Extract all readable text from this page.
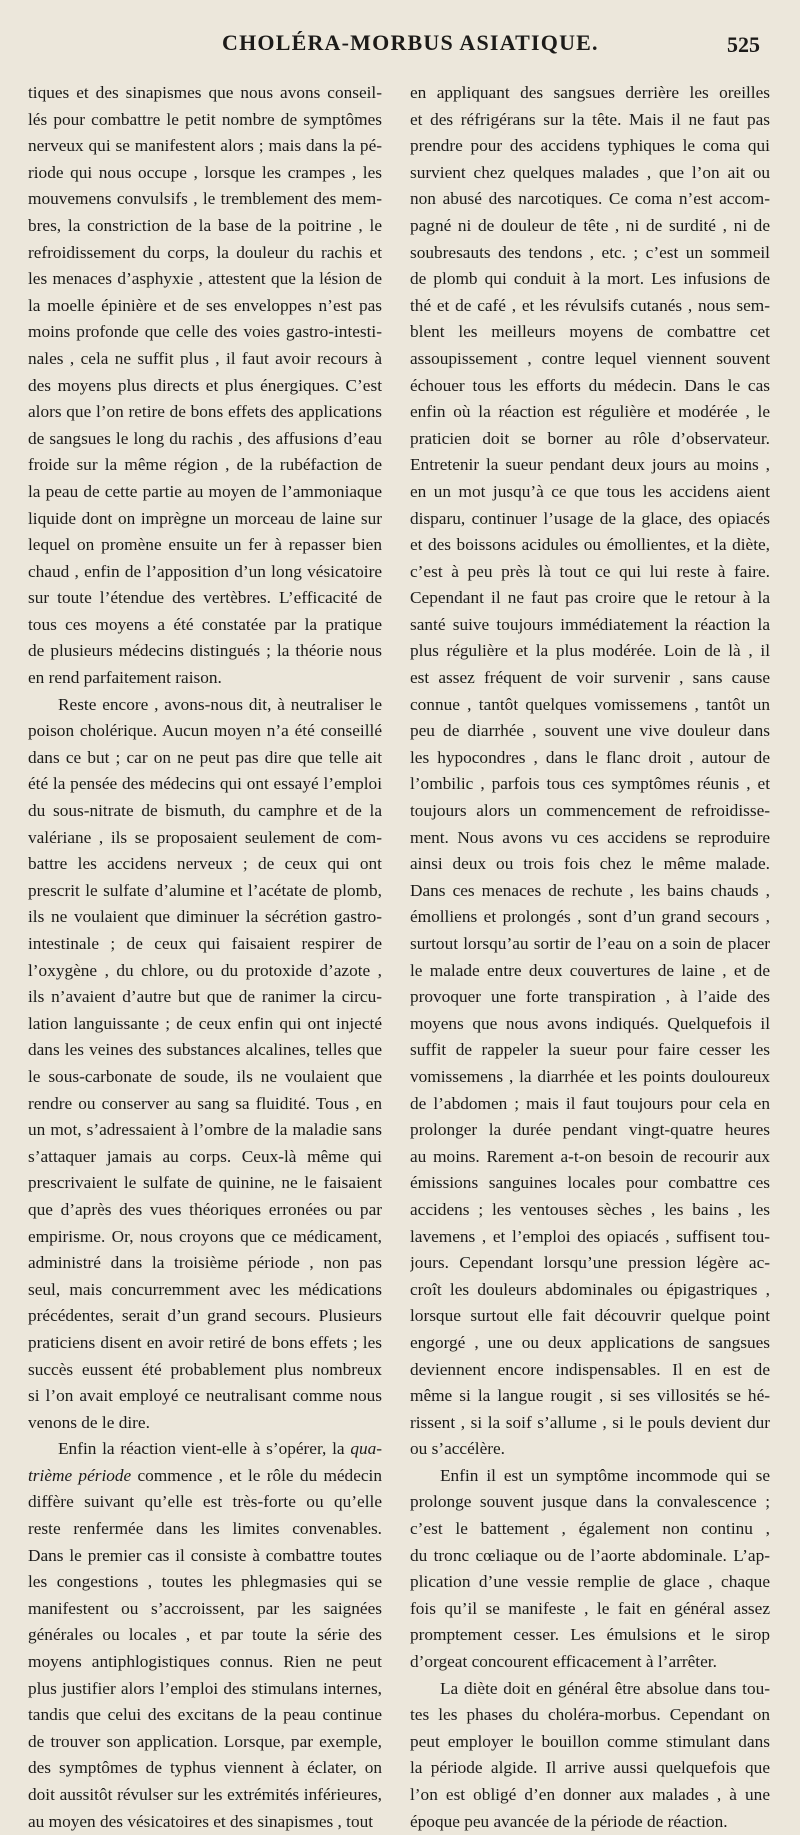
CHOLÉRA-MORBUS ASIATIQUE.	525
tiques et des sinapismes que nous avons conseil-
lés pour combattre le petit nombre de symptômes
nerveux qui se manifestent alors ; mais dans la pé-
riode qui nous occupe , lorsque les crampes , les
mouvemens convulsifs , le tremblement des mem-
bres, la constriction de la base de la poitrine , le
refroidissement du corps, la douleur du rachis et
les menaces d’asphyxie , attestent que la lésion de
la moelle épinière et de ses enveloppes n’est pas
moins profonde que celle des voies gastro-intesti-
nales , cela ne suffit plus , il faut avoir recours à
des moyens plus directs et plus énergiques. C’est
alors que l’on retire de bons effets des applications
de sangsues le long du rachis , des affusions d’eau
froide sur la même région , de la rubéfaction de
la peau de cette partie au moyen de l’ammoniaque
liquide dont on imprègne un morceau de laine sur
lequel on promène ensuite un fer à repasser bien
chaud , enfin de l’apposition d’un long vésicatoire
sur toute l’étendue des vertèbres. L’efficacité de
tous ces moyens a été constatée par la pratique
de plusieurs médecins distingués ; la théorie nous
en rend parfaitement raison.
Reste encore , avons-nous dit, à neutraliser le
poison cholérique. Aucun moyen n’a été conseillé
dans ce but ; car on ne peut pas dire que telle ait
été la pensée des médecins qui ont essayé l’emploi
du sous-nitrate de bismuth, du camphre et de la
valériane , ils se proposaient seulement de com-
battre les accidens nerveux ; de ceux qui ont
prescrit le sulfate d’alumine et l’acétate de plomb,
ils ne voulaient que diminuer la sécrétion gastro-
intestinale ; de ceux qui faisaient respirer de
l’oxygène , du chlore, ou du protoxide d’azote ,
ils n’avaient d’autre but que de ranimer la circu-
lation languissante ; de ceux enfin qui ont injecté
dans les veines des substances alcalines, telles que
le sous-carbonate de soude, ils ne voulaient que
rendre ou conserver au sang sa fluidité. Tous , en
un mot, s’adressaient à l’ombre de la maladie sans
s’attaquer jamais au corps. Ceux-là même qui
prescrivaient le sulfate de quinine, ne le faisaient
que d’après des vues théoriques erronées ou par
empirisme. Or, nous croyons que ce médicament,
administré dans la troisième période , non pas
seul, mais concurremment avec les médications
précédentes, serait d’un grand secours. Plusieurs
praticiens disent en avoir retiré de bons effets ; les
succès eussent été probablement plus nombreux
si l’on avait employé ce neutralisant comme nous
venons de le dire.
Enfin la réaction vient-elle à s’opérer, la qua-
trième période commence , et le rôle du médecin
diffère suivant qu’elle est très-forte ou qu’elle
reste renfermée dans les limites convenables.
Dans le premier cas il consiste à combattre toutes
les congestions , toutes les phlegmasies qui se
manifestent ou s’accroissent, par les saignées
générales ou locales , et par toute la série des
moyens antiphlogistiques connus. Rien ne peut
plus justifier alors l’emploi des stimulans internes,
tandis que celui des excitans de la peau continue
de trouver son application. Lorsque, par exemple,
des symptômes de typhus viennent à éclater, on
doit aussitôt révulser sur les extrémités inférieures,
au moyen des vésicatoires et des sinapismes , tout
en appliquant des sangsues derrière les oreilles
et des réfrigérans sur la tête. Mais il ne faut pas
prendre pour des accidens typhiques le coma qui
survient chez quelques malades , que l’on ait ou
non abusé des narcotiques. Ce coma n’est accom-
pagné ni de douleur de tête , ni de surdité , ni de
soubresauts des tendons , etc. ; c’est un sommeil
de plomb qui conduit à la mort. Les infusions de
thé et de café , et les révulsifs cutanés , nous sem-
blent les meilleurs moyens de combattre cet
assoupissement , contre lequel viennent souvent
échouer tous les efforts du médecin. Dans le cas
enfin où la réaction est régulière et modérée , le
praticien doit se borner au rôle d’observateur.
Entretenir la sueur pendant deux jours au moins ,
en un mot jusqu’à ce que tous les accidens aient
disparu, continuer l’usage de la glace, des opiacés
et des boissons acidules ou émollientes, et la diète,
c’est à peu près là tout ce qui lui reste à faire.
Cependant il ne faut pas croire que le retour à la
santé suive toujours immédiatement la réaction la
plus régulière et la plus modérée. Loin de là , il
est assez fréquent de voir survenir , sans cause
connue , tantôt quelques vomissemens , tantôt un
peu de diarrhée , souvent une vive douleur dans
les hypocondres , dans le flanc droit , autour de
l’ombilic , parfois tous ces symptômes réunis , et
toujours alors un commencement de refroidisse-
ment. Nous avons vu ces accidens se reproduire
ainsi deux ou trois fois chez le même malade.
Dans ces menaces de rechute , les bains chauds ,
émolliens et prolongés , sont d’un grand secours ,
surtout lorsqu’au sortir de l’eau on a soin de placer
le malade entre deux couvertures de laine , et de
provoquer une forte transpiration , à l’aide des
moyens que nous avons indiqués. Quelquefois il
suffit de rappeler la sueur pour faire cesser les
vomissemens , la diarrhée et les points douloureux
de l’abdomen ; mais il faut toujours pour cela en
prolonger la durée pendant vingt-quatre heures
au moins. Rarement a-t-on besoin de recourir aux
émissions sanguines locales pour combattre ces
accidens ; les ventouses sèches , les bains , les
lavemens , et l’emploi des opiacés , suffisent tou-
jours. Cependant lorsqu’une pression légère ac-
croît les douleurs abdominales ou épigastriques ,
lorsque surtout elle fait découvrir quelque point
engorgé , une ou deux applications de sangsues
deviennent encore indispensables. Il en est de
même si la langue rougit , si ses villosités se hé-
rissent , si la soif s’allume , si le pouls devient dur
ou s’accélère.
Enfin il est un symptôme incommode qui se
prolonge souvent jusque dans la convalescence ;
c’est le battement , également non continu ,
du tronc cœliaque ou de l’aorte abdominale. L’ap-
plication d’une vessie remplie de glace , chaque
fois qu’il se manifeste , le fait en général assez
promptement cesser. Les émulsions et le sirop
d’orgeat concourent efficacement à l’arrêter.
La diète doit en général être absolue dans tou-
tes les phases du choléra-morbus. Cependant on
peut employer le bouillon comme stimulant dans
la période algide. Il arrive aussi quelquefois que
l’on est obligé d’en donner aux malades , à une
époque peu avancée de la période de réaction.
